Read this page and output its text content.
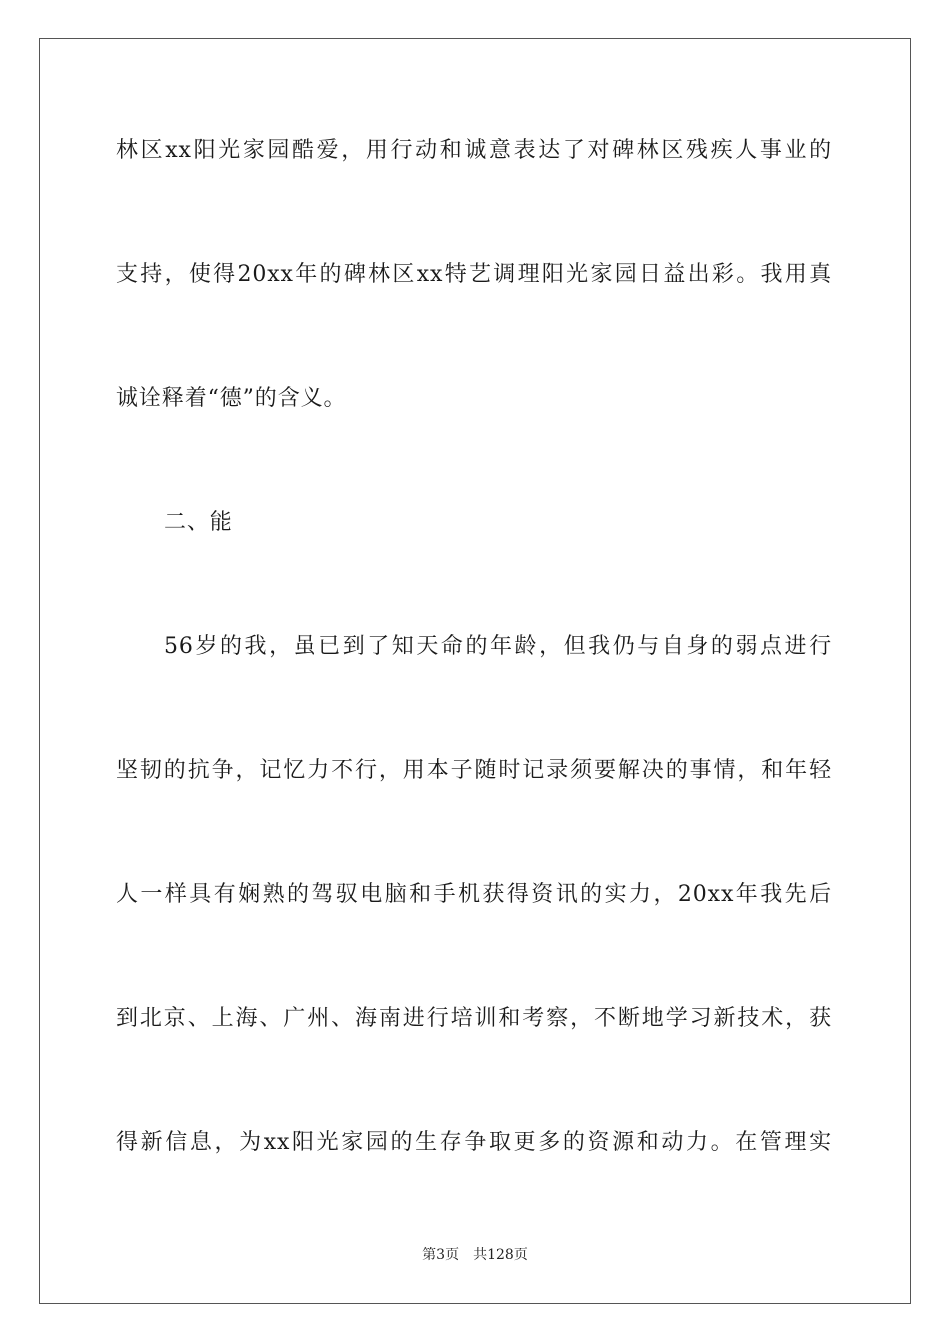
林区xx阳光家园酷爱，用行动和诚意表达了对碑林区残疾人事业的
支持，使得20xx年的碑林区xx特艺调理阳光家园日益出彩。我用真
诚诠释着“德”的含义。
二、能
56岁的我，虽已到了知天命的年龄，但我仍与自身的弱点进行
坚韧的抗争，记忆力不行，用本子随时记录须要解决的事情，和年轻
人一样具有娴熟的驾驭电脑和手机获得资讯的实力，20xx年我先后
到北京、上海、广州、海南进行培训和考察，不断地学习新技术，获
得新信息，为xx阳光家园的生存争取更多的资源和动力。在管理实
第3页 共128页
